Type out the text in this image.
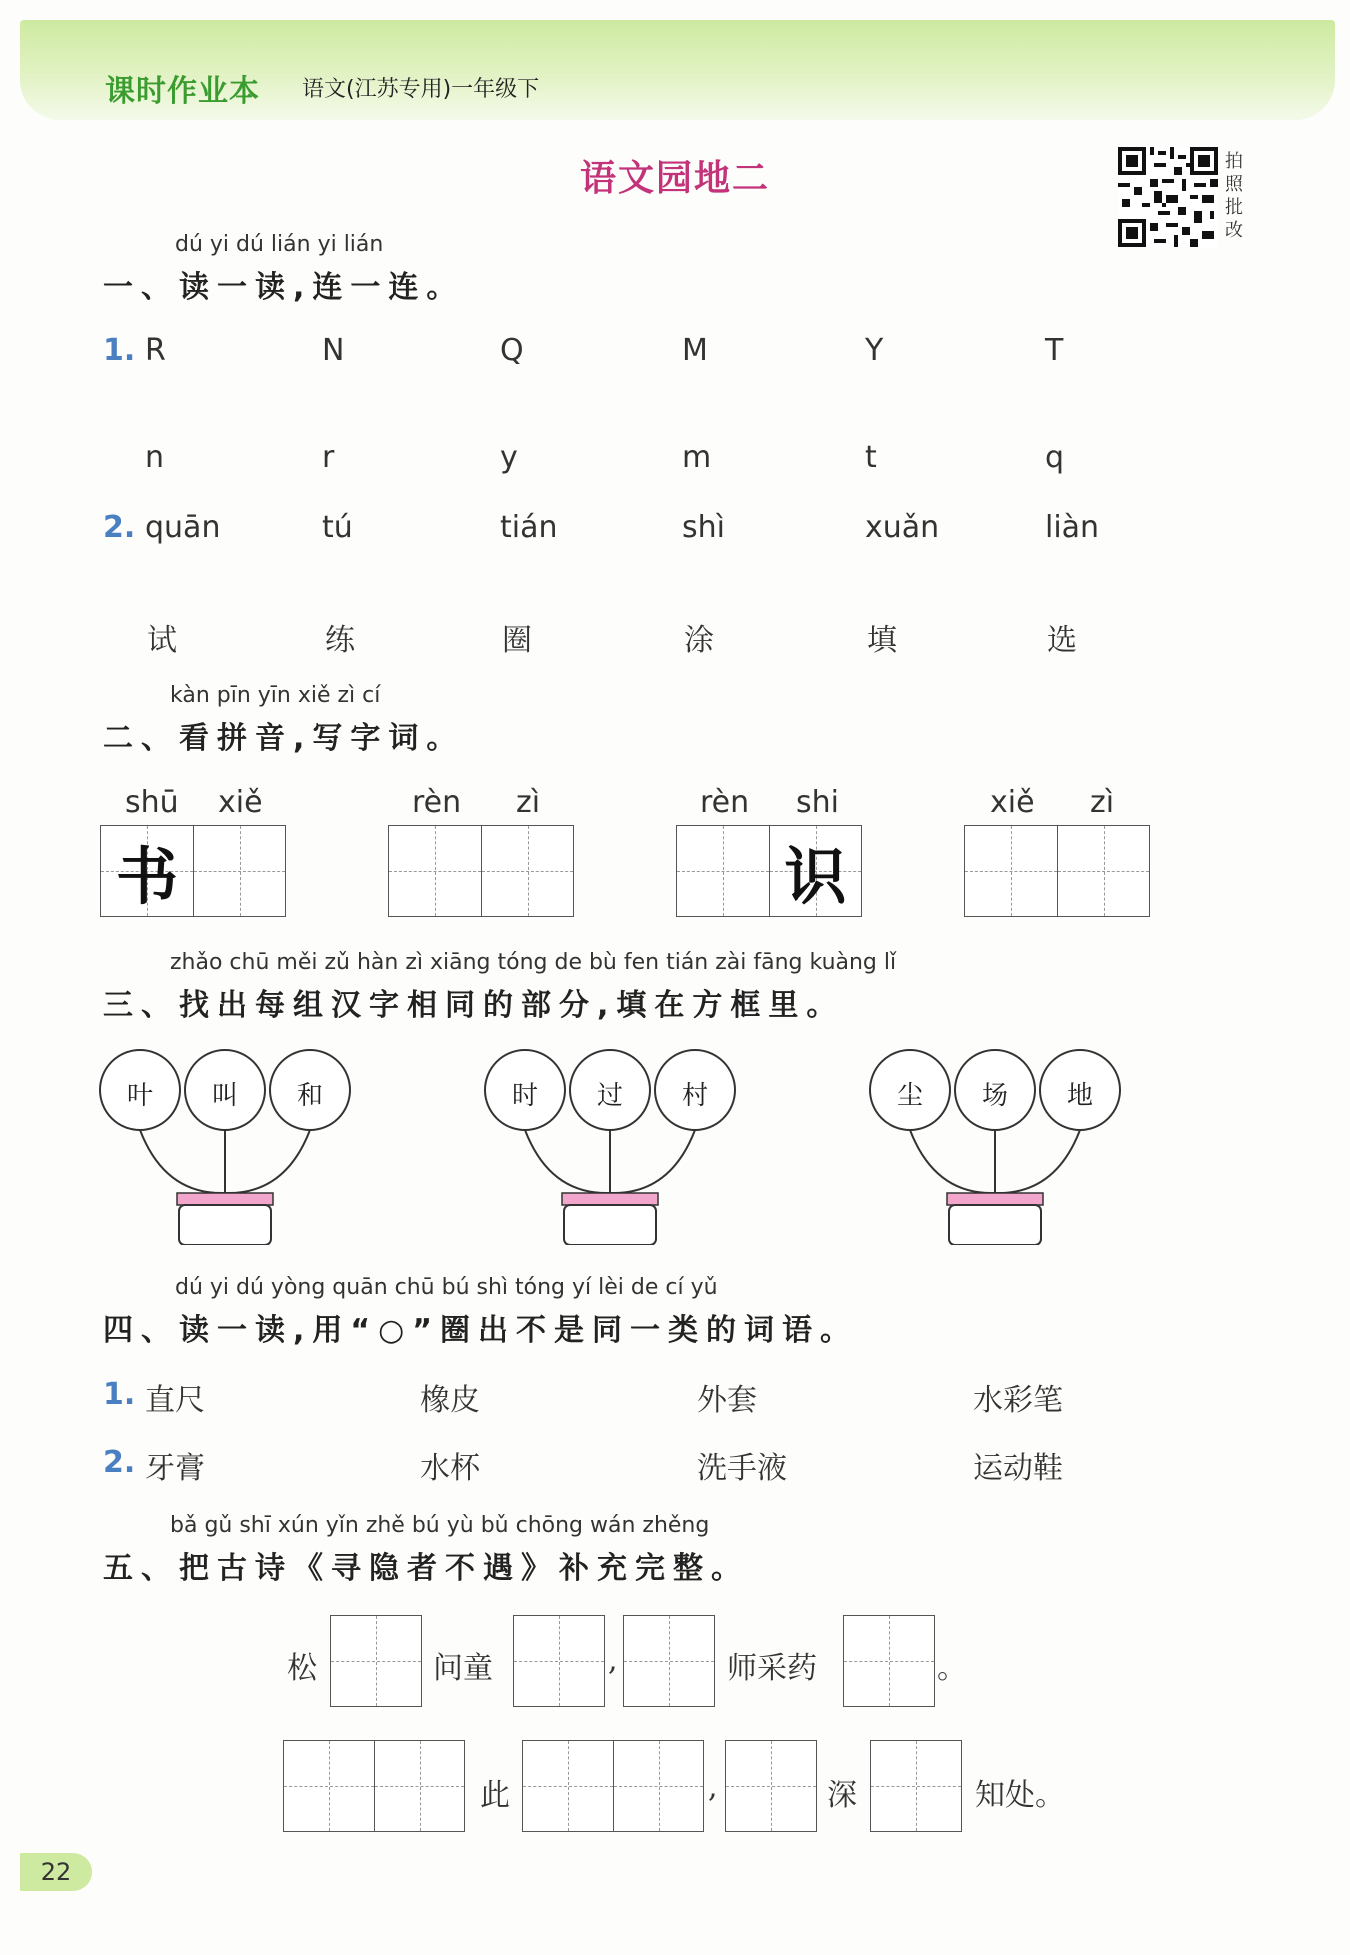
课时作业本 语文(江苏专用)一年级下
语文园地二	拍照批改
dú yi dú lián yi lián
一、读一读,连一连。
1. R	N	Q	M	Y	T
n	r	y	m	t	q
2. quān	tú	tián	shì	xuǎn	liàn
试	练	圈	涂	填	选
kàn pīn yīn xiě zì cí
二、看拼音,写字词。
shū xiě
书
rèn zì	rèn shi
识
xiě zì
zhǎo chū měi zǔ hàn zì xiāng tóng de bù fen tián zài fāng kuàng lǐ
三、找出每组汉字相同的部分,填在方框里。
叶	叫	和	时	过	村	尘	场	地
dú yi dú yòng quān chū bú shì tóng yí lèi de cí yǔ
四、读一读,用“○”圈出不是同一类的词语。
1. 直尺	橡皮	外套	水彩笔
2. 牙膏	水杯	洗手液	运动鞋
bǎ gǔ shī xún yǐn zhě bú yù bǔ chōng wán zhěng
五、把古诗《寻隐者不遇》补充完整。
松	问童	,	师采药	。
此	,	深	知处。
22
